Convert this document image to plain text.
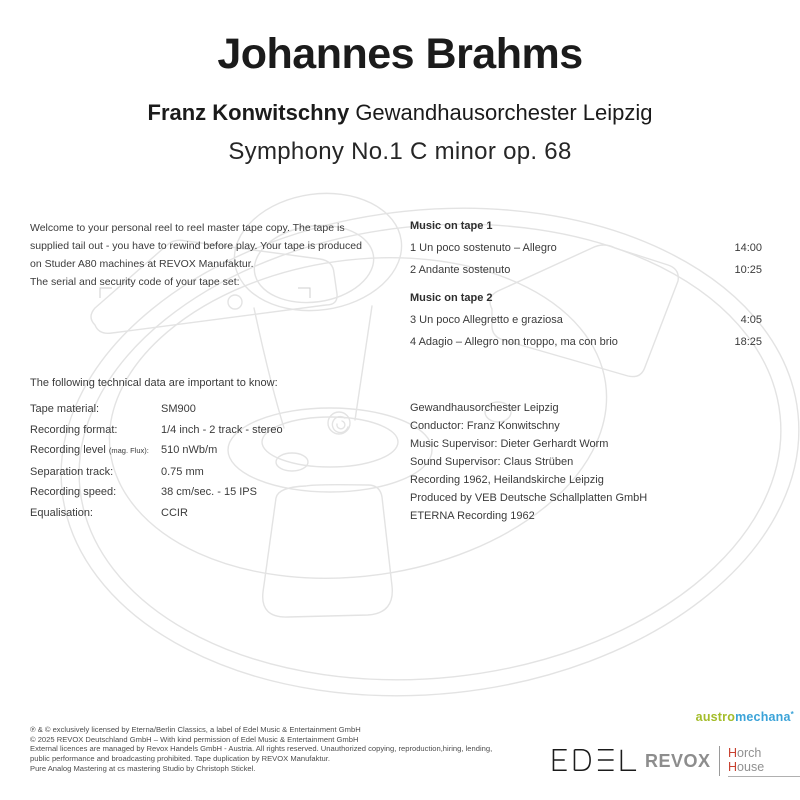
Johannes Brahms
Franz Konwitschny Gewandhausorchester Leipzig
Symphony No.1 C minor op. 68
Welcome to your personal reel to reel master tape copy. The tape is
supplied tail out - you have to rewind before play. Your tape is produced
on Studer A80 machines at REVOX Manufaktur.
The serial and security code of your tape set:
Music on tape 1
1 Un poco sostenuto – Allegro	14:00
2 Andante sostenuto	10:25
Music on tape 2
3 Un poco Allegretto e graziosa	4:05
4 Adagio – Allegro non troppo, ma con brio	18:25
The following technical data are important to know:
Tape material:	SM900
Recording format:	1/4 inch - 2 track - stereo
Recording level (mag. Flux):	510 nWb/m
Separation track:	0.75 mm
Recording speed:	38 cm/sec. - 15 IPS
Equalisation:	CCIR
Gewandhausorchester Leipzig
Conductor: Franz Konwitschny
Music Supervisor: Dieter Gerhardt Worm
Sound Supervisor: Claus Strüben
Recording 1962, Heilandskirche Leipzig
Produced by VEB Deutsche Schallplatten GmbH
ETERNA Recording 1962
℗ & © exclusively licensed by Eterna/Berlin Classics, a label of Edel Music & Entertainment GmbH
© 2025 REVOX Deutschland GmbH – With kind permission of Edel Music & Entertainment GmbH
External licences are managed by Revox Handels GmbH - Austria. All rights reserved. Unauthorized copying, reproduction,hiring, lending,
public performance and broadcasting prohibited. Tape duplication by REVOX Manufaktur.
Pure Analog Mastering at cs mastering Studio by Christoph Stickel.
austromechana*
REVOX Horch House
